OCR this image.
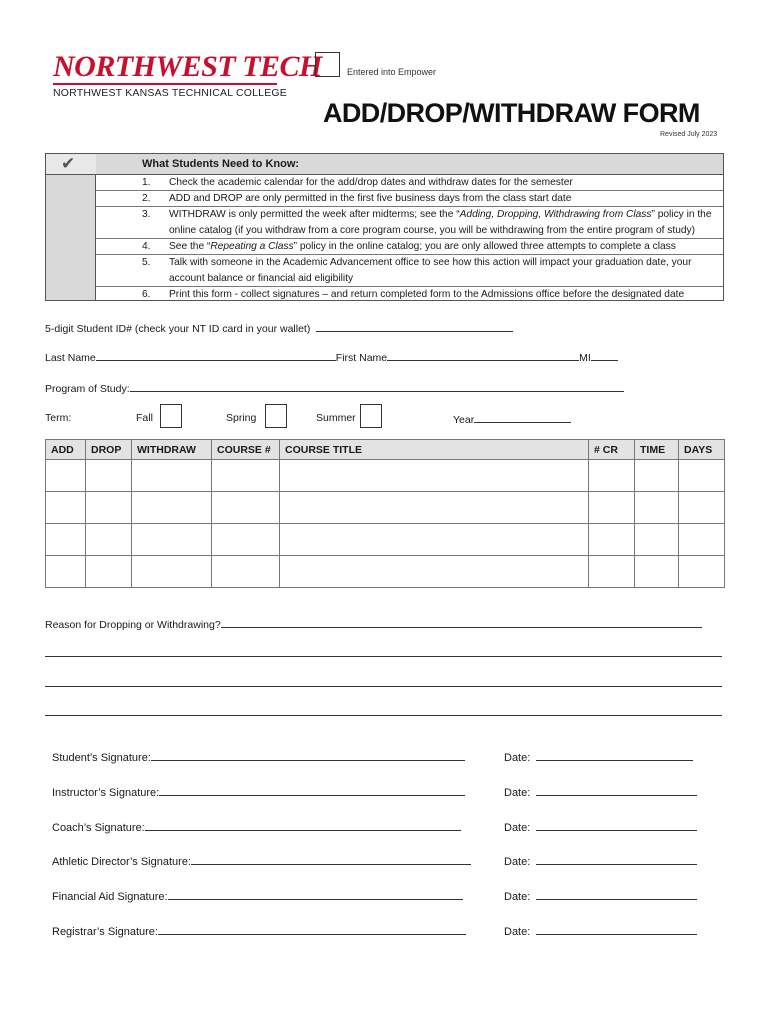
NORTHWEST TECH
NORTHWEST KANSAS TECHNICAL COLLEGE
Entered into Empower
ADD/DROP/WITHDRAW FORM
Revised July 2023
✔	What Students Need to Know:
1. Check the academic calendar for the add/drop dates and withdraw dates for the semester
2. ADD and DROP are only permitted in the first five business days from the class start date
3. WITHDRAW is only permitted the week after midterms; see the “Adding, Dropping, Withdrawing from Class” policy in the online catalog (if you withdraw from a core program course, you will be withdrawing from the entire program of study)
4. See the “Repeating a Class” policy in the online catalog; you are only allowed three attempts to complete a class
5. Talk with someone in the Academic Advancement office to see how this action will impact your graduation date, your account balance or financial aid eligibility
6. Print this form - collect signatures – and return completed form to the Admissions office before the designated date
5-digit Student ID# (check your NT ID card in your wallet)
Last Name	First Name	MI
Program of Study:
Term:	Fall	Spring	Summer	Year
ADD	DROP	WITHDRAW	COURSE #	COURSE TITLE	# CR	TIME	DAYS

Reason for Dropping or Withdrawing?
Student’s Signature:	Date:
Instructor’s Signature:	Date:
Coach’s Signature:	Date:
Athletic Director’s Signature:	Date:
Financial Aid Signature:	Date:
Registrar’s Signature:	Date:
